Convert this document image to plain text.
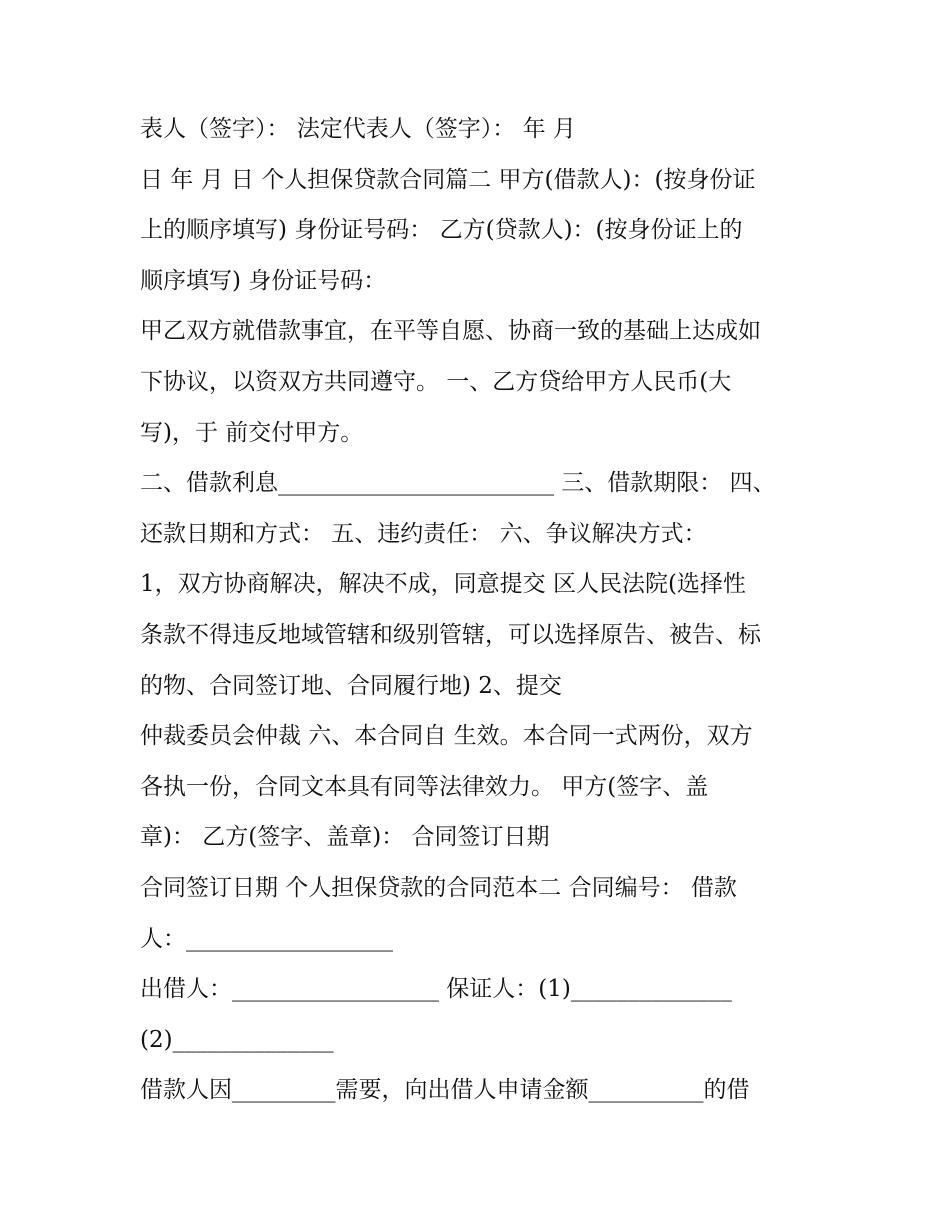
表人（签字）： 法定代表人（签字）： 年 月
日 年 月 日 个人担保贷款合同篇二 甲方(借款人)：(按身份证
上的顺序填写) 身份证号码： 乙方(贷款人)：(按身份证上的
顺序填写) 身份证号码：
甲乙双方就借款事宜，在平等自愿、协商一致的基础上达成如
下协议，以资双方共同遵守。 一、乙方贷给甲方人民币(大
写)，于 前交付甲方。
二、借款利息________________________ 三、借款期限： 四、
还款日期和方式： 五、违约责任： 六、争议解决方式：
1，双方协商解决，解决不成，同意提交 区人民法院(选择性
条款不得违反地域管辖和级别管辖，可以选择原告、被告、标
的物、合同签订地、合同履行地) 2、提交
仲裁委员会仲裁 六、本合同自 生效。本合同一式两份，双方
各执一份，合同文本具有同等法律效力。 甲方(签字、盖
章)： 乙方(签字、盖章)： 合同签订日期
合同签订日期 个人担保贷款的合同范本二 合同编号： 借款
人：__________________
出借人：__________________ 保证人：(1)______________
(2)______________
借款人因_________需要，向出借人申请金额__________的借
